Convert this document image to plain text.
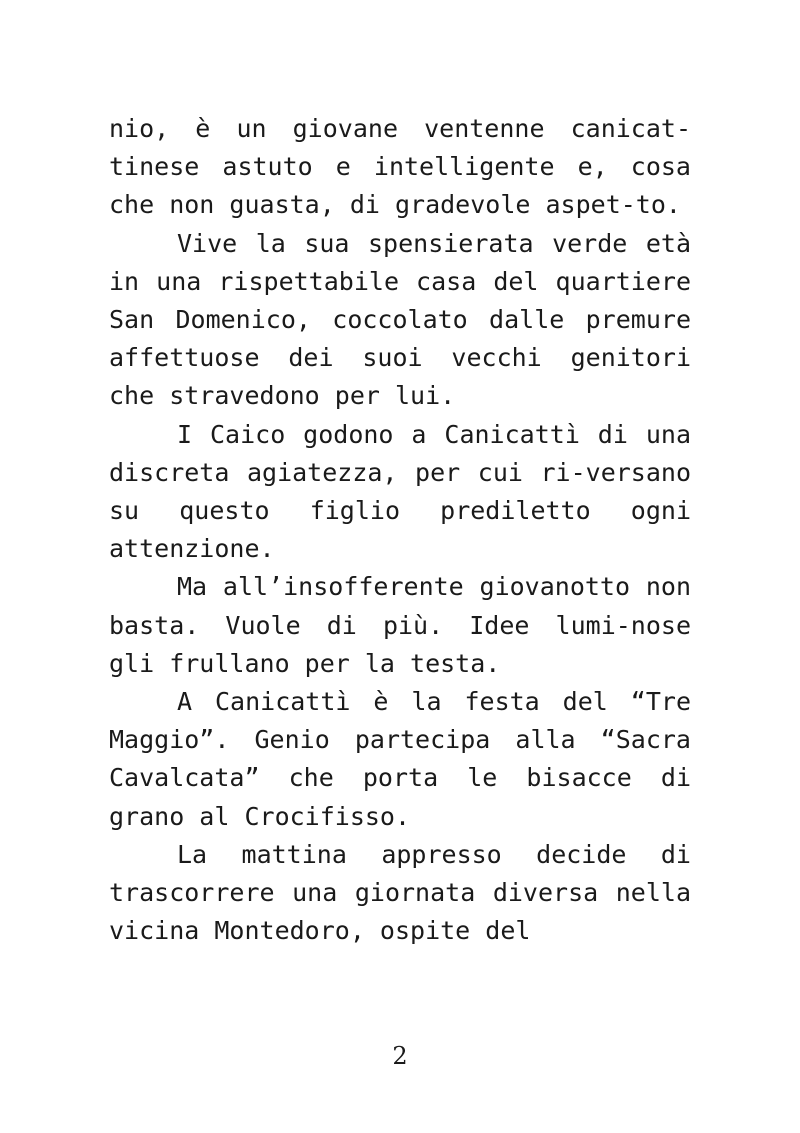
nio, è un giovane ventenne canicat-tinese astuto e intelligente e, cosa che non guasta, di gradevole aspet-to.

Vive la sua spensierata verde età in una rispettabile casa del quartiere San Domenico, coccolato dalle premure affettuose dei suoi vecchi genitori che stravedono per lui.

I Caico godono a Canicattì di una discreta agiatezza, per cui ri-versano su questo figlio prediletto ogni attenzione.

Ma all’insofferente giovanotto non basta. Vuole di più. Idee lumi-nose gli frullano per la testa.

A Canicattì è la festa del “Tre Maggio”. Genio partecipa alla “Sacra Cavalcata” che porta le bisacce di grano al Crocifisso.

La mattina appresso decide di trascorrere una giornata diversa nella vicina Montedoro, ospite del

2
